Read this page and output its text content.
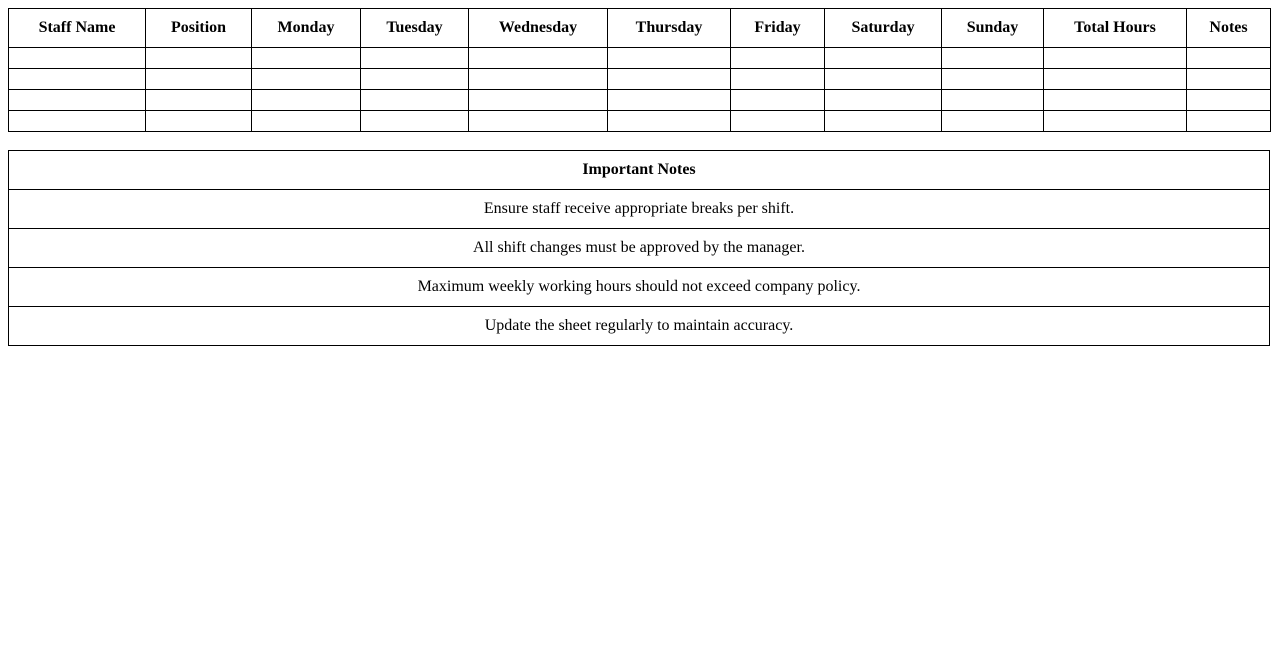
Staff Name	Position	Monday	Tuesday	Wednesday	Thursday	Friday	Saturday	Sunday	Total Hours	Notes

Important Notes
Ensure staff receive appropriate breaks per shift.
All shift changes must be approved by the manager.
Maximum weekly working hours should not exceed company policy.
Update the sheet regularly to maintain accuracy.
